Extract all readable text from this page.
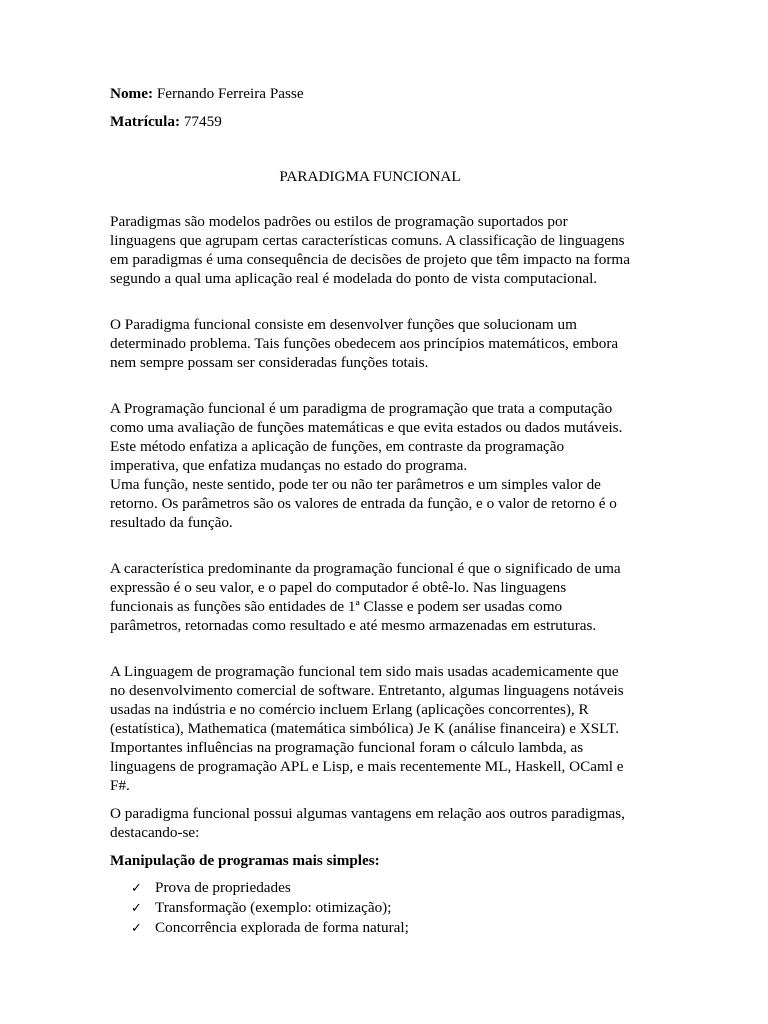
Nome: Fernando Ferreira Passe
Matrícula: 77459
PARADIGMA FUNCIONAL

Paradigmas são modelos padrões ou estilos de programação suportados por linguagens que agrupam certas características comuns. A classificação de linguagens em paradigmas é uma consequência de decisões de projeto que têm impacto na forma segundo a qual uma aplicação real é modelada do ponto de vista computacional.

O Paradigma funcional consiste em desenvolver funções que solucionam um determinado problema. Tais funções obedecem aos princípios matemáticos, embora nem sempre possam ser consideradas funções totais.

A Programação funcional é um paradigma de programação que trata a computação como uma avaliação de funções matemáticas e que evita estados ou dados mutáveis. Este método enfatiza a aplicação de funções, em contraste da programação imperativa, que enfatiza mudanças no estado do programa.

Uma função, neste sentido, pode ter ou não ter parâmetros e um simples valor de retorno. Os parâmetros são os valores de entrada da função, e o valor de retorno é o resultado da função.

A característica predominante da programação funcional é que o significado de uma expressão é o seu valor, e o papel do computador é obtê-lo. Nas linguagens funcionais as funções são entidades de 1ª Classe e podem ser usadas como parâmetros, retornadas como resultado e até mesmo armazenadas em estruturas.

A Linguagem de programação funcional tem sido mais usadas academicamente que no desenvolvimento comercial de software. Entretanto, algumas linguagens notáveis usadas na indústria e no comércio incluem Erlang (aplicações concorrentes), R (estatística), Mathematica (matemática simbólica) Je K (análise financeira) e XSLT. Importantes influências na programação funcional foram o cálculo lambda, as linguagens de programação APL e Lisp, e mais recentemente ML, Haskell, OCaml e F#.

O paradigma funcional possui algumas vantagens em relação aos outros paradigmas, destacando-se:

Manipulação de programas mais simples:
✓ Prova de propriedades
✓ Transformação (exemplo: otimização);
✓ Concorrência explorada de forma natural;
